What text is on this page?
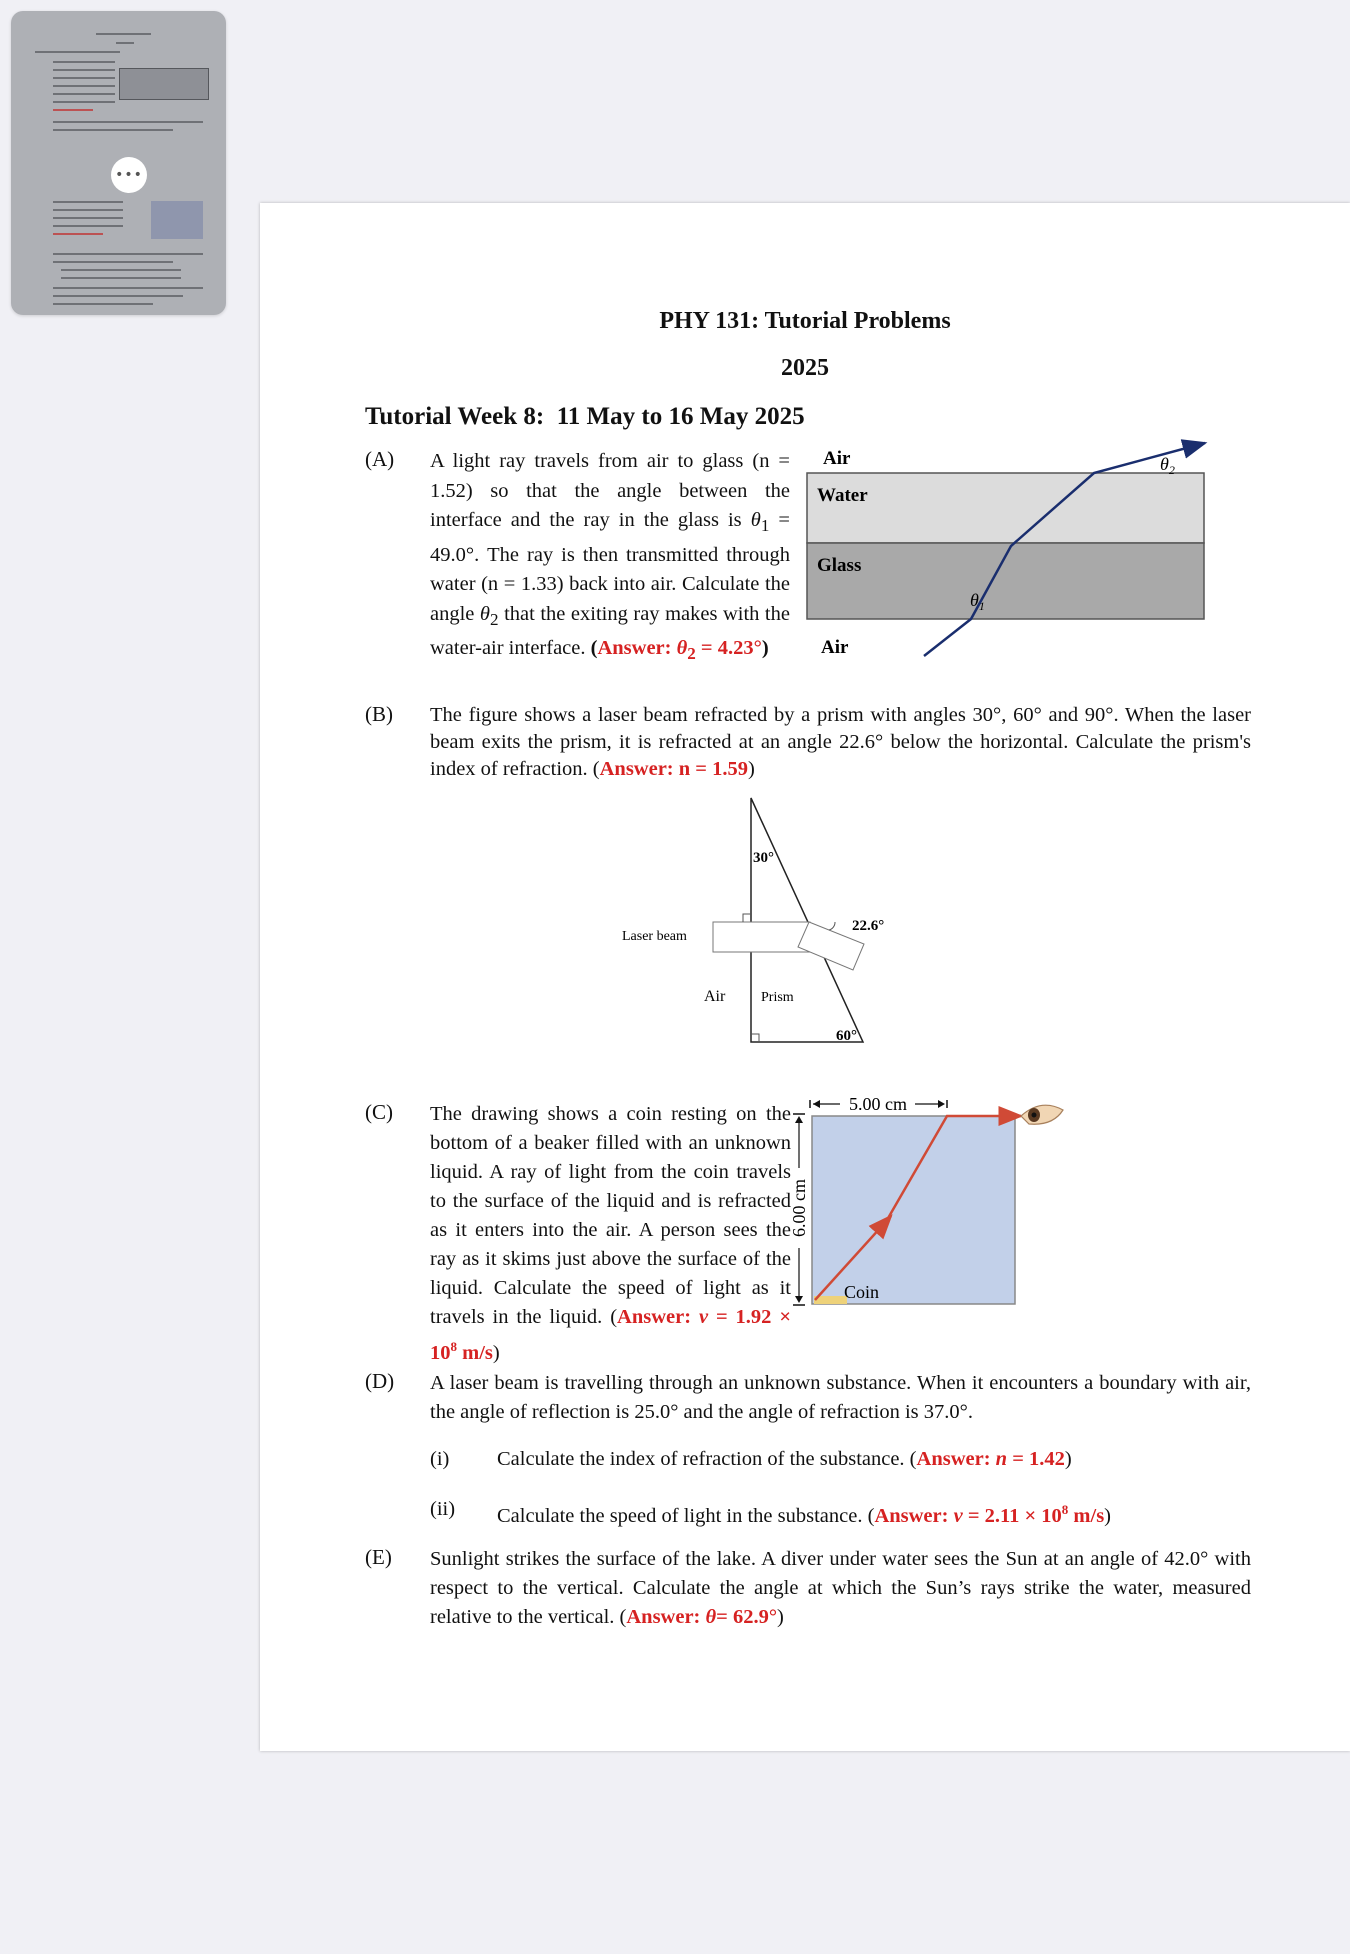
•••
PHY 131: Tutorial Problems
2025
Tutorial Week 8: 11 May to 16 May 2025
(A) A light ray travels from air to glass (n = 1.52) so that the angle between the interface and the ray in the glass is $\theta_1 = 49.0^\circ$. The ray is then transmitted through water (n = 1.33) back into air. Calculate the angle $\theta_2$ that the exiting ray makes with the water-air interface. (Answer: $\theta_2 = 4.23^\circ$)
Air
Water
Glass
Air
$\theta_1$
$\theta_2$
(B) The figure shows a laser beam refracted by a prism with angles 30°, 60° and 90°. When the laser beam exits the prism, it is refracted at an angle 22.6° below the horizontal. Calculate the prism's index of refraction. (Answer: n = 1.59)
30°
60°
22.6°
Laser beam
Air	Prism
(C) The drawing shows a coin resting on the bottom of a beaker filled with an unknown liquid. A ray of light from the coin travels to the surface of the liquid and is refracted as it enters into the air. A person sees the ray as it skims just above the surface of the liquid. Calculate the speed of light as it travels in the liquid. (Answer: $v = 1.92 \times 10^8$ m/s)
5.00 cm
6.00 cm
Coin
(D) A laser beam is travelling through an unknown substance. When it encounters a boundary with air, the angle of reflection is 25.0° and the angle of refraction is 37.0°.
(i) Calculate the index of refraction of the substance. (Answer: n = 1.42)
(ii) Calculate the speed of light in the substance. (Answer: $v = 2.11 \times 10^8$ m/s)
(E) Sunlight strikes the surface of the lake. A diver under water sees the Sun at an angle of 42.0° with respect to the vertical. Calculate the angle at which the Sun’s rays strike the water, measured relative to the vertical. (Answer: θ= 62.9°)
